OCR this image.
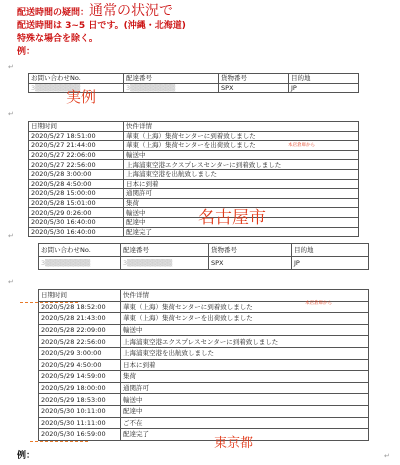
配送時間の疑問：通常の状況で
配送時間は 3~5 日です。(沖縄・北海道)
特殊な場合を除く。
例：
お問い合わせNo.	配達番号	貨物番号	目的地
3▒▒▒▒▒▒▒▒▒	3▒▒▒▒▒▒▒▒▒	SPX	JP
実例
日期时间	快件详情
2020/5/27 18:51:00	華東（上海）集荷センターに到着致しました
2020/5/27 21:44:00	華東（上海）集荷センターを出荷致しました
2020/5/27 22:06:00	輸送中
2020/5/27 22:56:00	上海浦東空港エクスプレスセンターに到着致しました
2020/5/28 3:00:00	上海浦東空港を出航致しました
2020/5/28 4:50:00	日本に到着
2020/5/28 15:00:00	通関許可
2020/5/28 15:01:00	集荷
2020/5/29 0:26:00	輸送中
2020/5/30 16:40:00	配達中
2020/5/30 16:40:00	配達完了
本店倉庫から
名古屋市
お問い合わせNo.	配達番号	貨物番号	目的地
3▒▒▒▒▒▒▒▒▒	3▒▒▒▒▒▒▒▒▒	SPX	JP
日期时间	快件详情
2020/5/28 18:52:00	華東（上海）集荷センターに到着致しました
2020/5/28 21:43:00	華東（上海）集荷センターを出荷致しました
2020/5/28 22:09:00	輸送中
2020/5/28 22:56:00	上海浦東空港エクスプレスセンターに到着致しました
2020/5/29 3:00:00	上海浦東空港を出航致しました
2020/5/29 4:50:00	日本に到着
2020/5/29 14:59:00	集荷
2020/5/29 18:00:00	通関許可
2020/5/29 18:53:00	輸送中
2020/5/30 10:11:00	配達中
2020/5/30 11:11:00	ご不在
2020/5/30 16:59:00	配達完了
本店倉庫から
東京都
例：
↵
↵
↵
↵
↵
